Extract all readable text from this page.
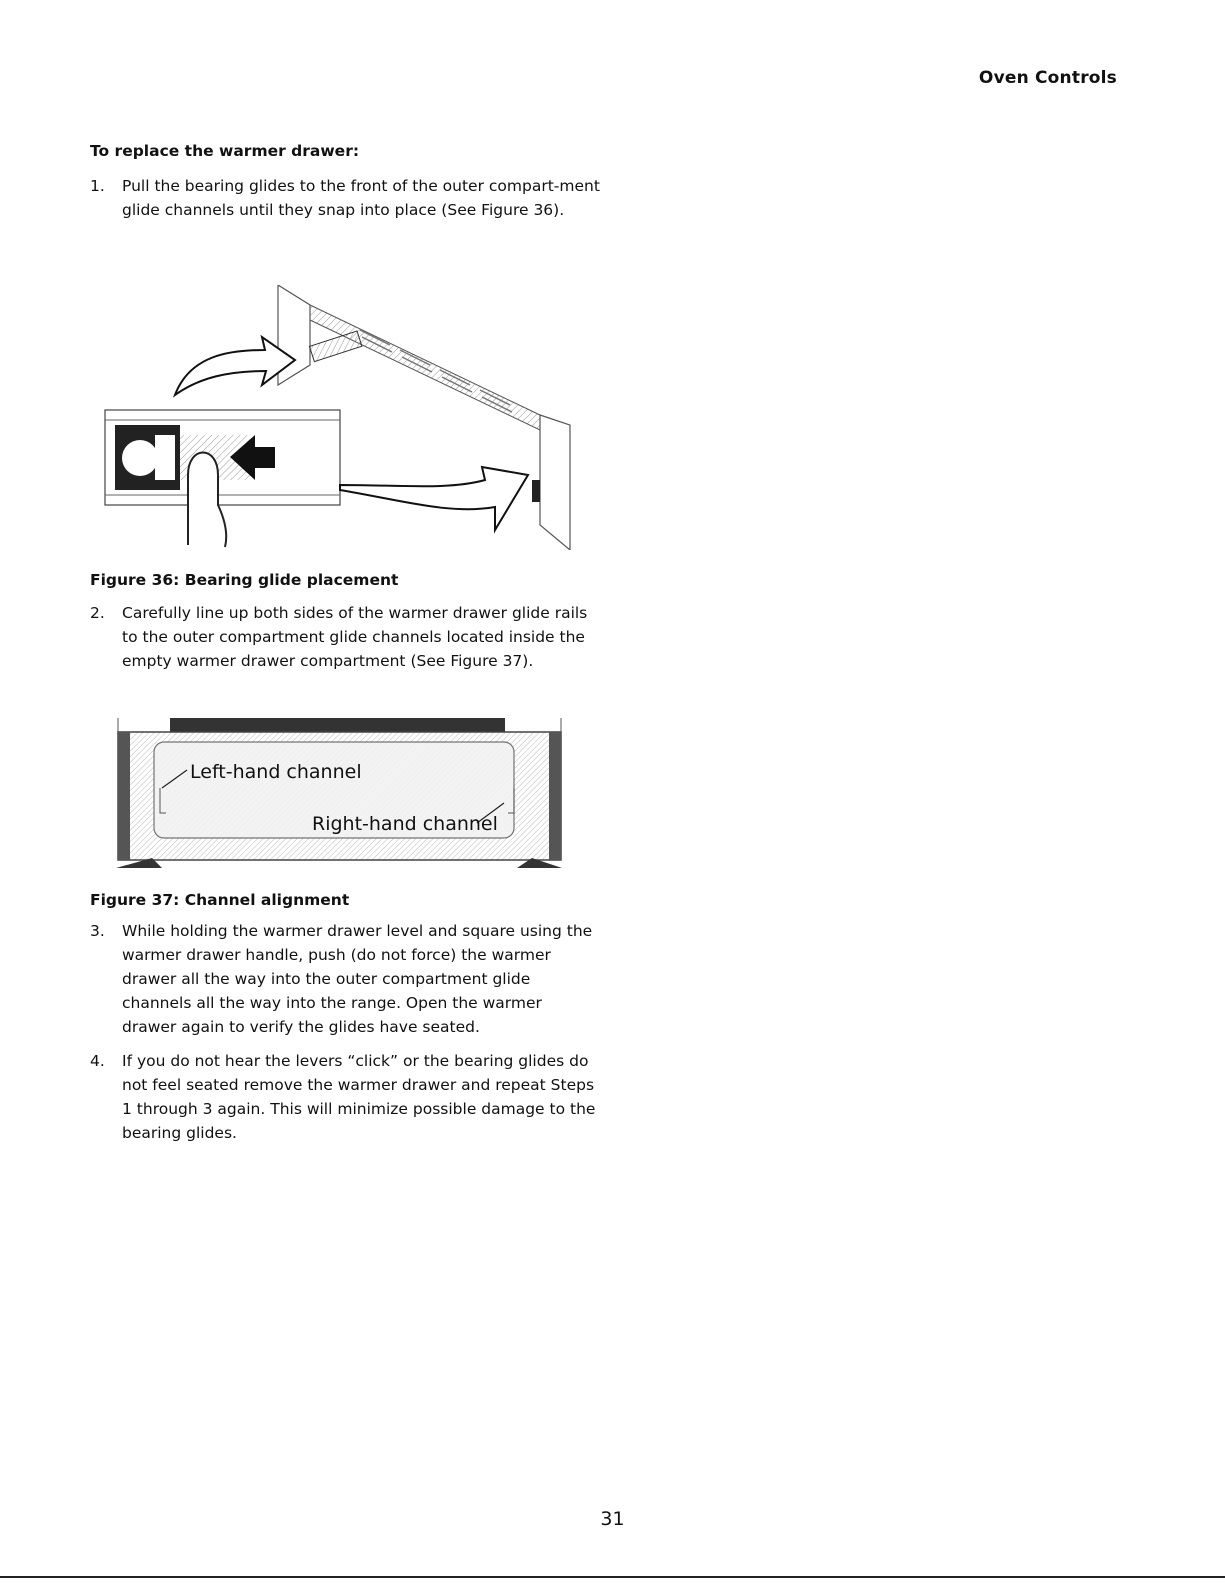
Oven Controls
To replace the warmer drawer:
1. Pull the bearing glides to the front of the outer compart-ment glide channels until they snap into place (See Figure 36).
Figure 36: Bearing glide placement
2. Carefully line up both sides of the warmer drawer glide rails to the outer compartment glide channels located inside the empty warmer drawer compartment (See Figure 37).
Left-hand channel
Right-hand channel
Figure 37: Channel alignment
3. While holding the warmer drawer level and square using the warmer drawer handle, push (do not force) the warmer drawer all the way into the outer compartment glide channels all the way into the range. Open the warmer drawer again to verify the glides have seated.
4. If you do not hear the levers “click” or the bearing glides do not feel seated remove the warmer drawer and repeat Steps 1 through 3 again. This will minimize possible damage to the bearing glides.
31
